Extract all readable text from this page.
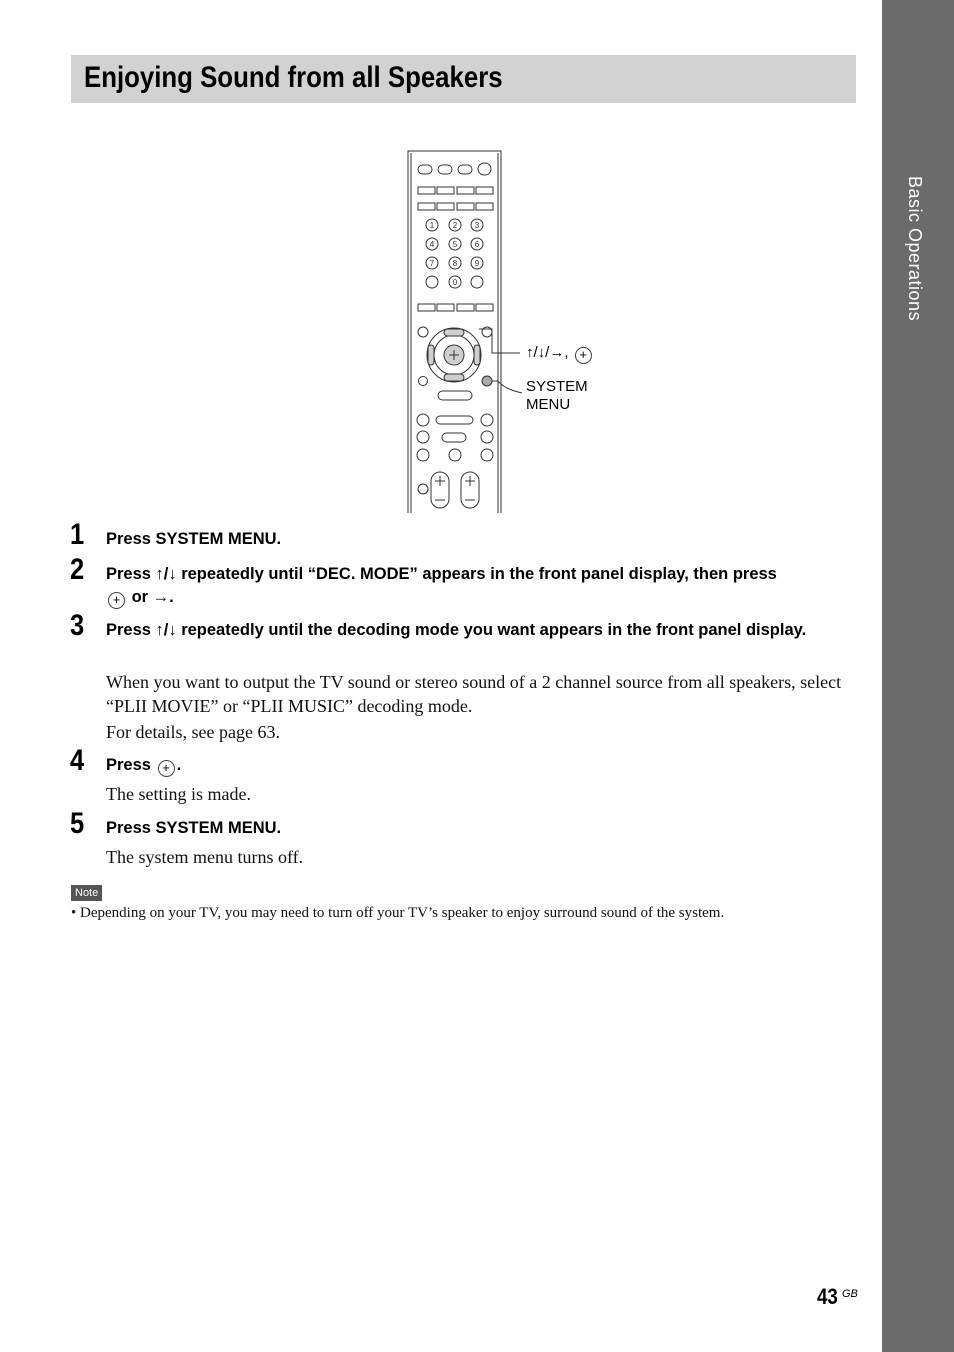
Basic Operations
Enjoying Sound from all Speakers
1 2 3
4 5 6
7 8 9
0
↑/↓/→, +
SYSTEM
MENU
1 Press SYSTEM MENU.
2 Press ↑/↓ repeatedly until “DEC. MODE” appears in the front panel display, then press
+ or →.
3 Press ↑/↓ repeatedly until the decoding mode you want appears in the front panel display.
When you want to output the TV sound or stereo sound of a 2 channel source from all speakers, select “PLII MOVIE” or “PLII MUSIC” decoding mode.
For details, see page 63.
4 Press + .
The setting is made.
5 Press SYSTEM MENU.
The system menu turns off.
Note
• Depending on your TV, you may need to turn off your TV’s speaker to enjoy surround sound of the system.
43 GB
